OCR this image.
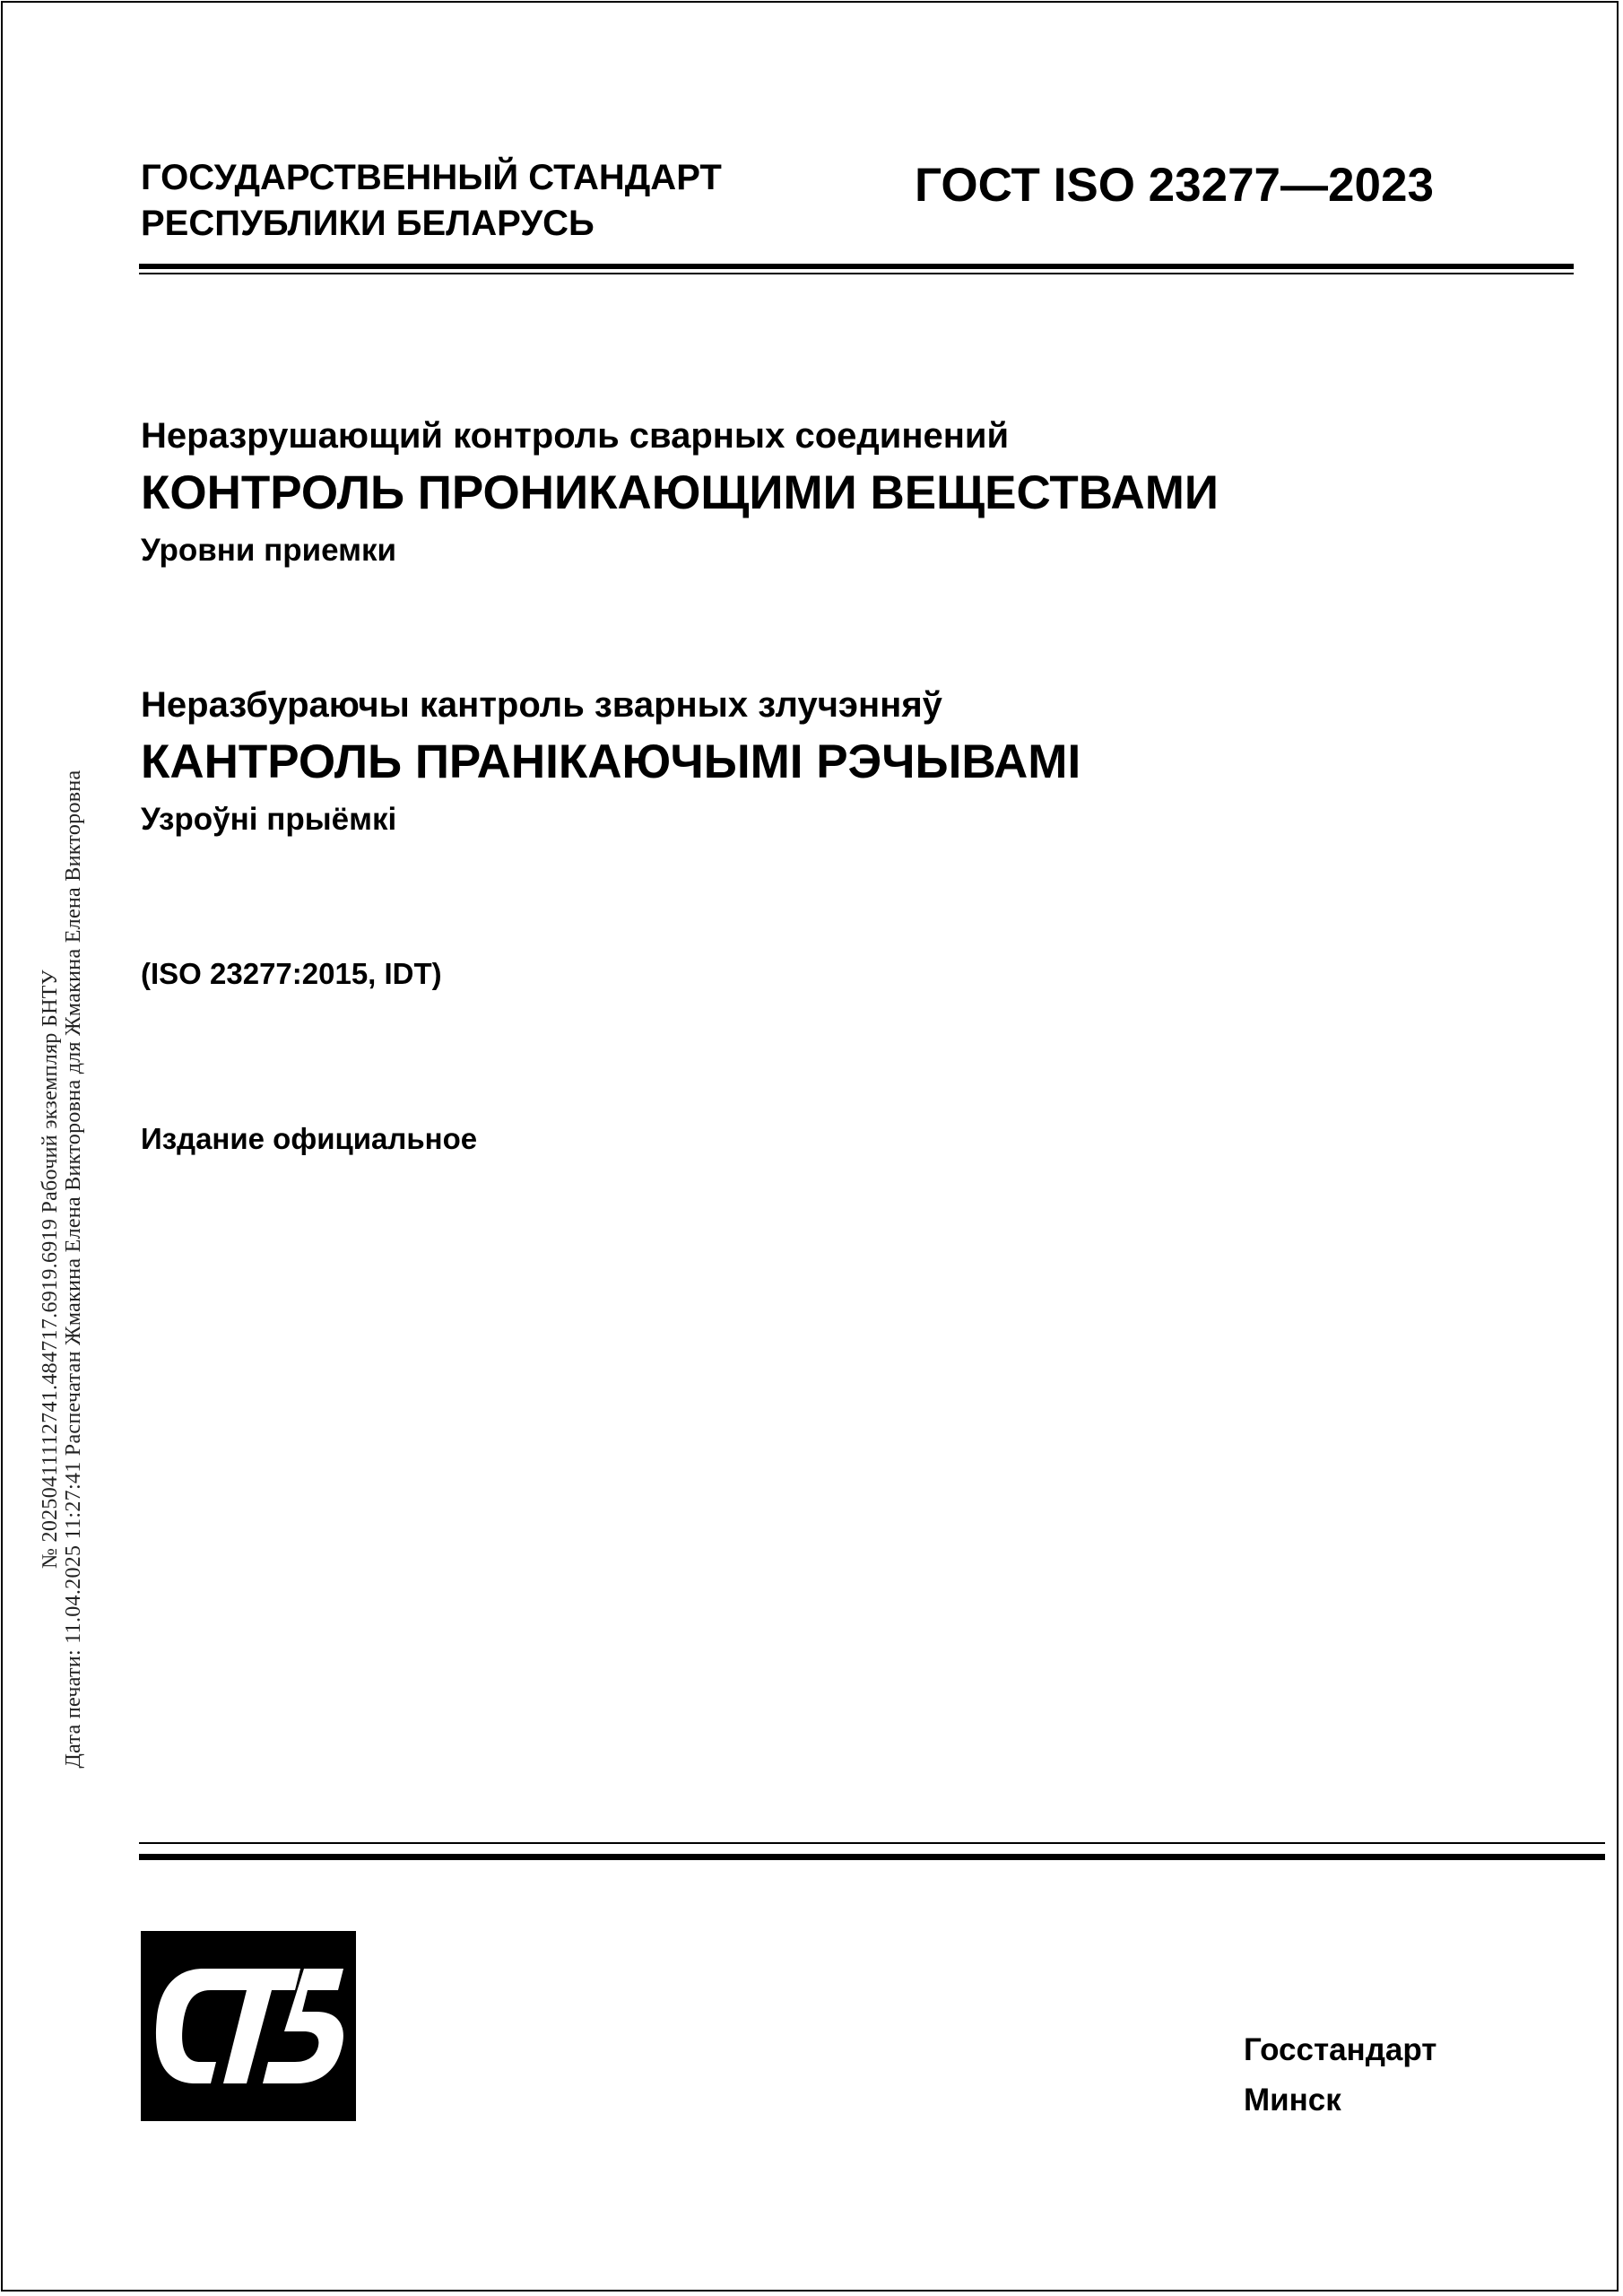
ГОСУДАРСТВЕННЫЙ СТАНДАРТ
РЕСПУБЛИКИ БЕЛАРУСЬ
ГОСТ ISO 23277—2023
Неразрушающий контроль сварных соединений
КОНТРОЛЬ ПРОНИКАЮЩИМИ ВЕЩЕСТВАМИ
Уровни приемки
Неразбураючы кантроль зварных злучэнняў
КАНТРОЛЬ ПРАНІКАЮЧЫМІ РЭЧЫВАМІ
Узроўні прыёмкі
(ISO 23277:2015, IDT)
Издание официальное
№ 20250411112741.484717.6919.6919 Рабочий экземпляр БНТУ Дата печати: 11.04.2025 11:27:41 Распечатан Жмакина Елена Викторовна для Жмакина Елена Викторовна
Госстандарт
Минск
